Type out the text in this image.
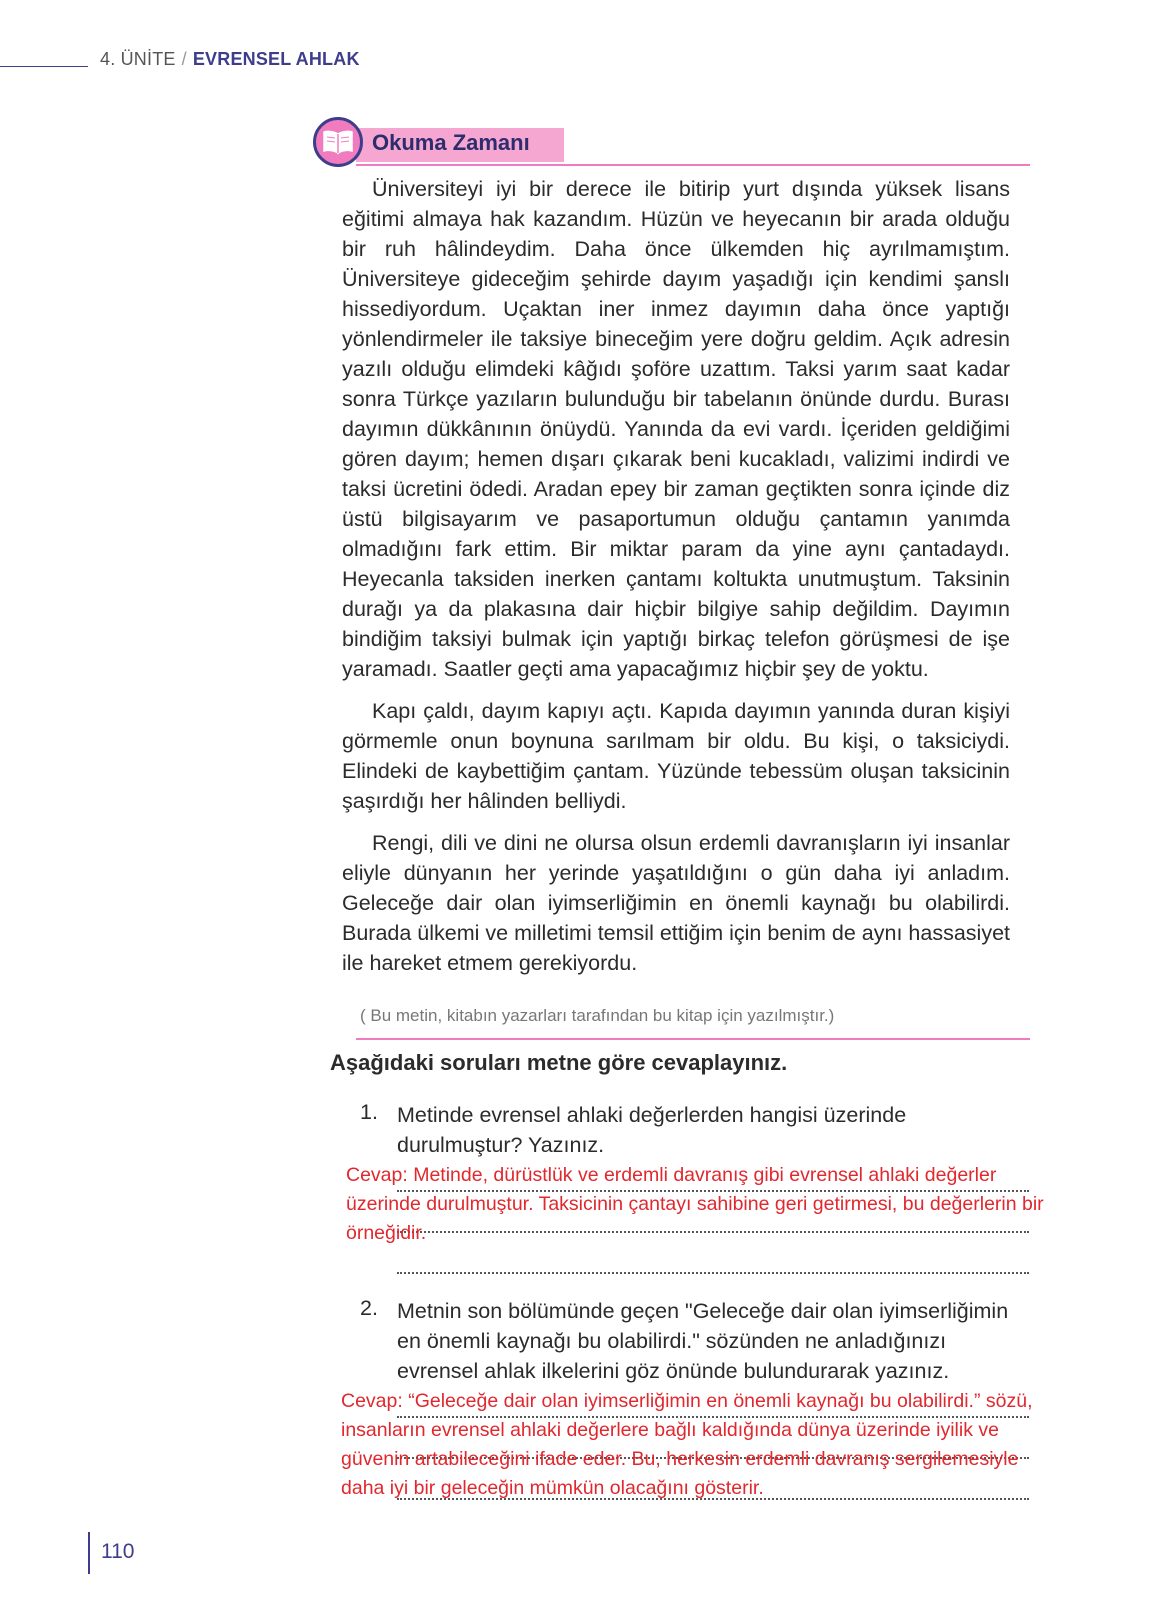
4. ÜNİTE / EVRENSEL AHLAK
Okuma Zamanı

Üniversiteyi iyi bir derece ile bitirip yurt dışında yüksek lisans eğitimi almaya hak kazandım. Hüzün ve heyecanın bir arada olduğu bir ruh hâlindeydim. Daha önce ülkemden hiç ayrılmamıştım. Üniversiteye gideceğim şehirde dayım yaşadığı için kendimi şanslı hissediyordum. Uçaktan iner inmez dayımın daha önce yaptığı yönlendirmeler ile taksiye bineceğim yere doğru geldim. Açık adresin yazılı olduğu elimdeki kâğıdı şoföre uzattım. Taksi yarım saat kadar sonra Türkçe yazıların bulunduğu bir tabelanın önünde durdu. Burası dayımın dükkânının önüydü. Yanında da evi vardı. İçeriden geldiğimi gören dayım; hemen dışarı çıkarak beni kucakladı, valizimi indirdi ve taksi ücretini ödedi. Aradan epey bir zaman geçtikten sonra içinde diz üstü bilgisayarım ve pasaportumun olduğu çantamın yanımda olmadığını fark ettim. Bir miktar param da yine aynı çantadaydı. Heyecanla taksiden inerken çantamı koltukta unutmuştum. Taksinin durağı ya da plakasına dair hiçbir bilgiye sahip değildim. Dayımın bindiğim taksiyi bulmak için yaptığı birkaç telefon görüşmesi de işe yaramadı. Saatler geçti ama yapacağımız hiçbir şey de yoktu.

Kapı çaldı, dayım kapıyı açtı. Kapıda dayımın yanında duran kişiyi görmemle onun boynuna sarılmam bir oldu. Bu kişi, o taksiciydi. Elindeki de kaybettiğim çantam. Yüzünde tebessüm oluşan taksicinin şaşırdığı her hâlinden belliydi.

Rengi, dili ve dini ne olursa olsun erdemli davranışların iyi insanlar eliyle dünyanın her yerinde yaşatıldığını o gün daha iyi anladım. Geleceğe dair olan iyimserliğimin en önemli kaynağı bu olabilirdi. Burada ülkemi ve milletimi temsil ettiğim için benim de aynı hassasiyet ile hareket etmem gerekiyordu.

( Bu metin, kitabın yazarları tarafından bu kitap için yazılmıştır.)
Aşağıdaki soruları metne göre cevaplayınız.
1. Metinde evrensel ahlaki değerlerden hangisi üzerinde durulmuştur? Yazınız.
Cevap: Metinde, dürüstlük ve erdemli davranış gibi evrensel ahlaki değerler
üzerinde durulmuştur. Taksicinin çantayı sahibine geri getirmesi, bu değerlerin bir
örneğidir.
2. Metnin son bölümünde geçen "Geleceğe dair olan iyimserliğimin en önemli kaynağı bu olabilirdi." sözünden ne anladığınızı evrensel ahlak ilkelerini göz önünde bulundurarak yazınız.
Cevap: “Geleceğe dair olan iyimserliğimin en önemli kaynağı bu olabilirdi.” sözü,
insanların evrensel ahlaki değerlere bağlı kaldığında dünya üzerinde iyilik ve
güvenin artabileceğini ifade eder. Bu, herkesin erdemli davranış sergilemesiyle
daha iyi bir geleceğin mümkün olacağını gösterir.
110
